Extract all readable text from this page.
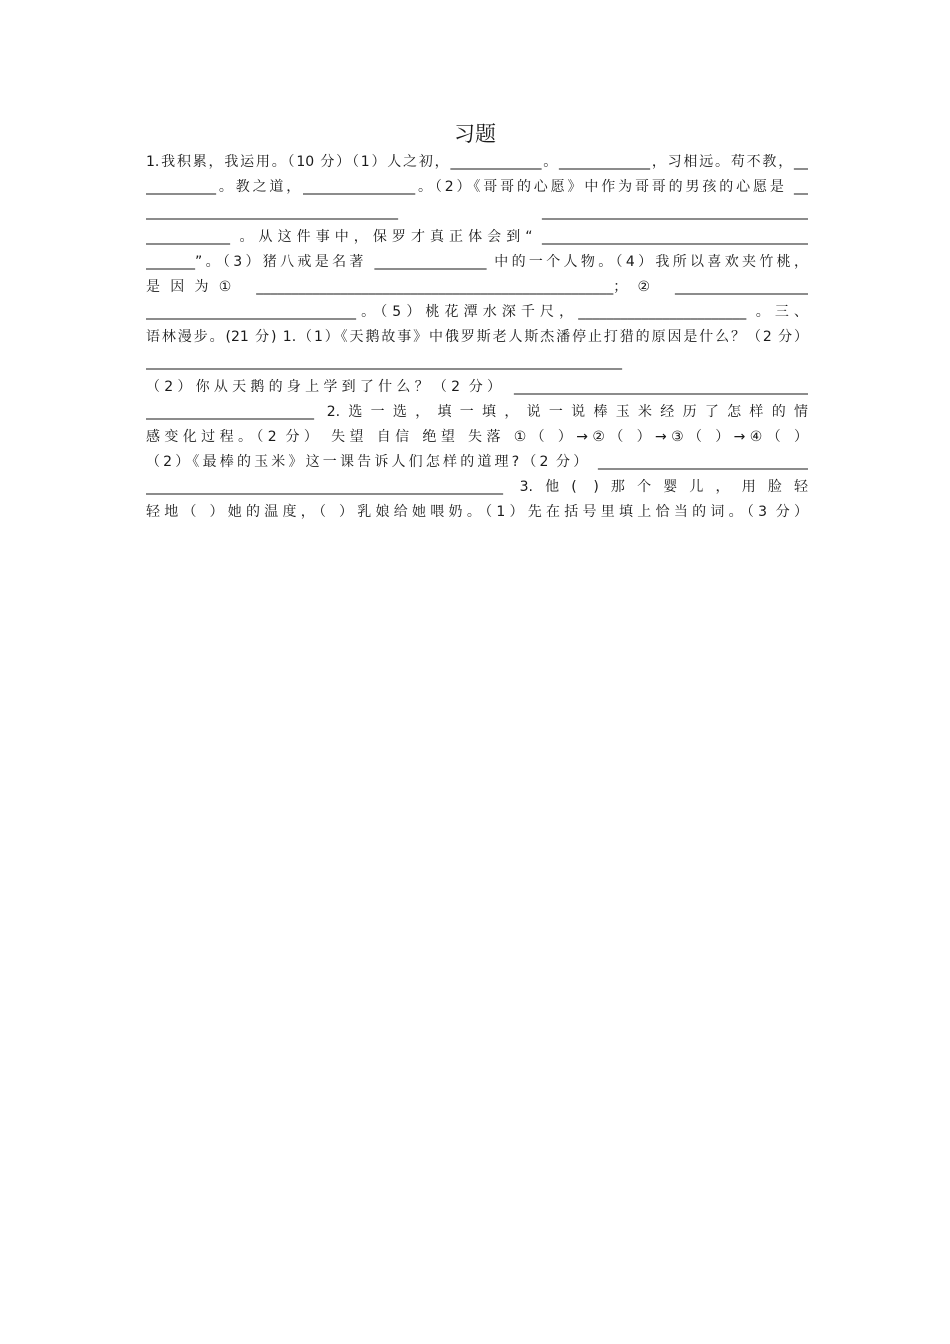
习题
1.我积累，我运用。（10 分）（1）人之初，_____________。_____________，习相远。苟不教，__
__________。教之道，________________。（2）《哥哥的心愿》中作为哥哥的男孩的心愿是 __
____________________________________ ______________________________________
____________ 。从这件事中，保罗才真正体会到“ ______________________________________
_______”。（3）猪八戒是名著 ________________ 中的一个人物。（4）我所以喜欢夹竹桃，
是因为① ___________________________________________________；② ___________________
______________________________。（5）桃花潭水深千尺，________________________ 。三、
语林漫步。(21 分) 1.（1）《天鹅故事》中俄罗斯老人斯杰潘停止打猎的原因是什么？（2 分）
____________________________________________________________________
（2）你从天鹅的身上学到了什么？（2 分） __________________________________________
________________________ 2.选一选，填一填，说一说棒玉米经历了怎样的情
感变化过程。（2 分） 失望 自信 绝望 失落 ①（ ）→②（ ）→③（ ）→④（ ）
（2）《最棒的玉米》这一课告诉人们怎样的道理?（2 分） ______________________________
___________________________________________________ 3.他( )那个婴儿，用脸轻
轻地（ ）她的温度，（ ）乳娘给她喂奶。（1）先在括号里填上恰当的词。（3 分）
